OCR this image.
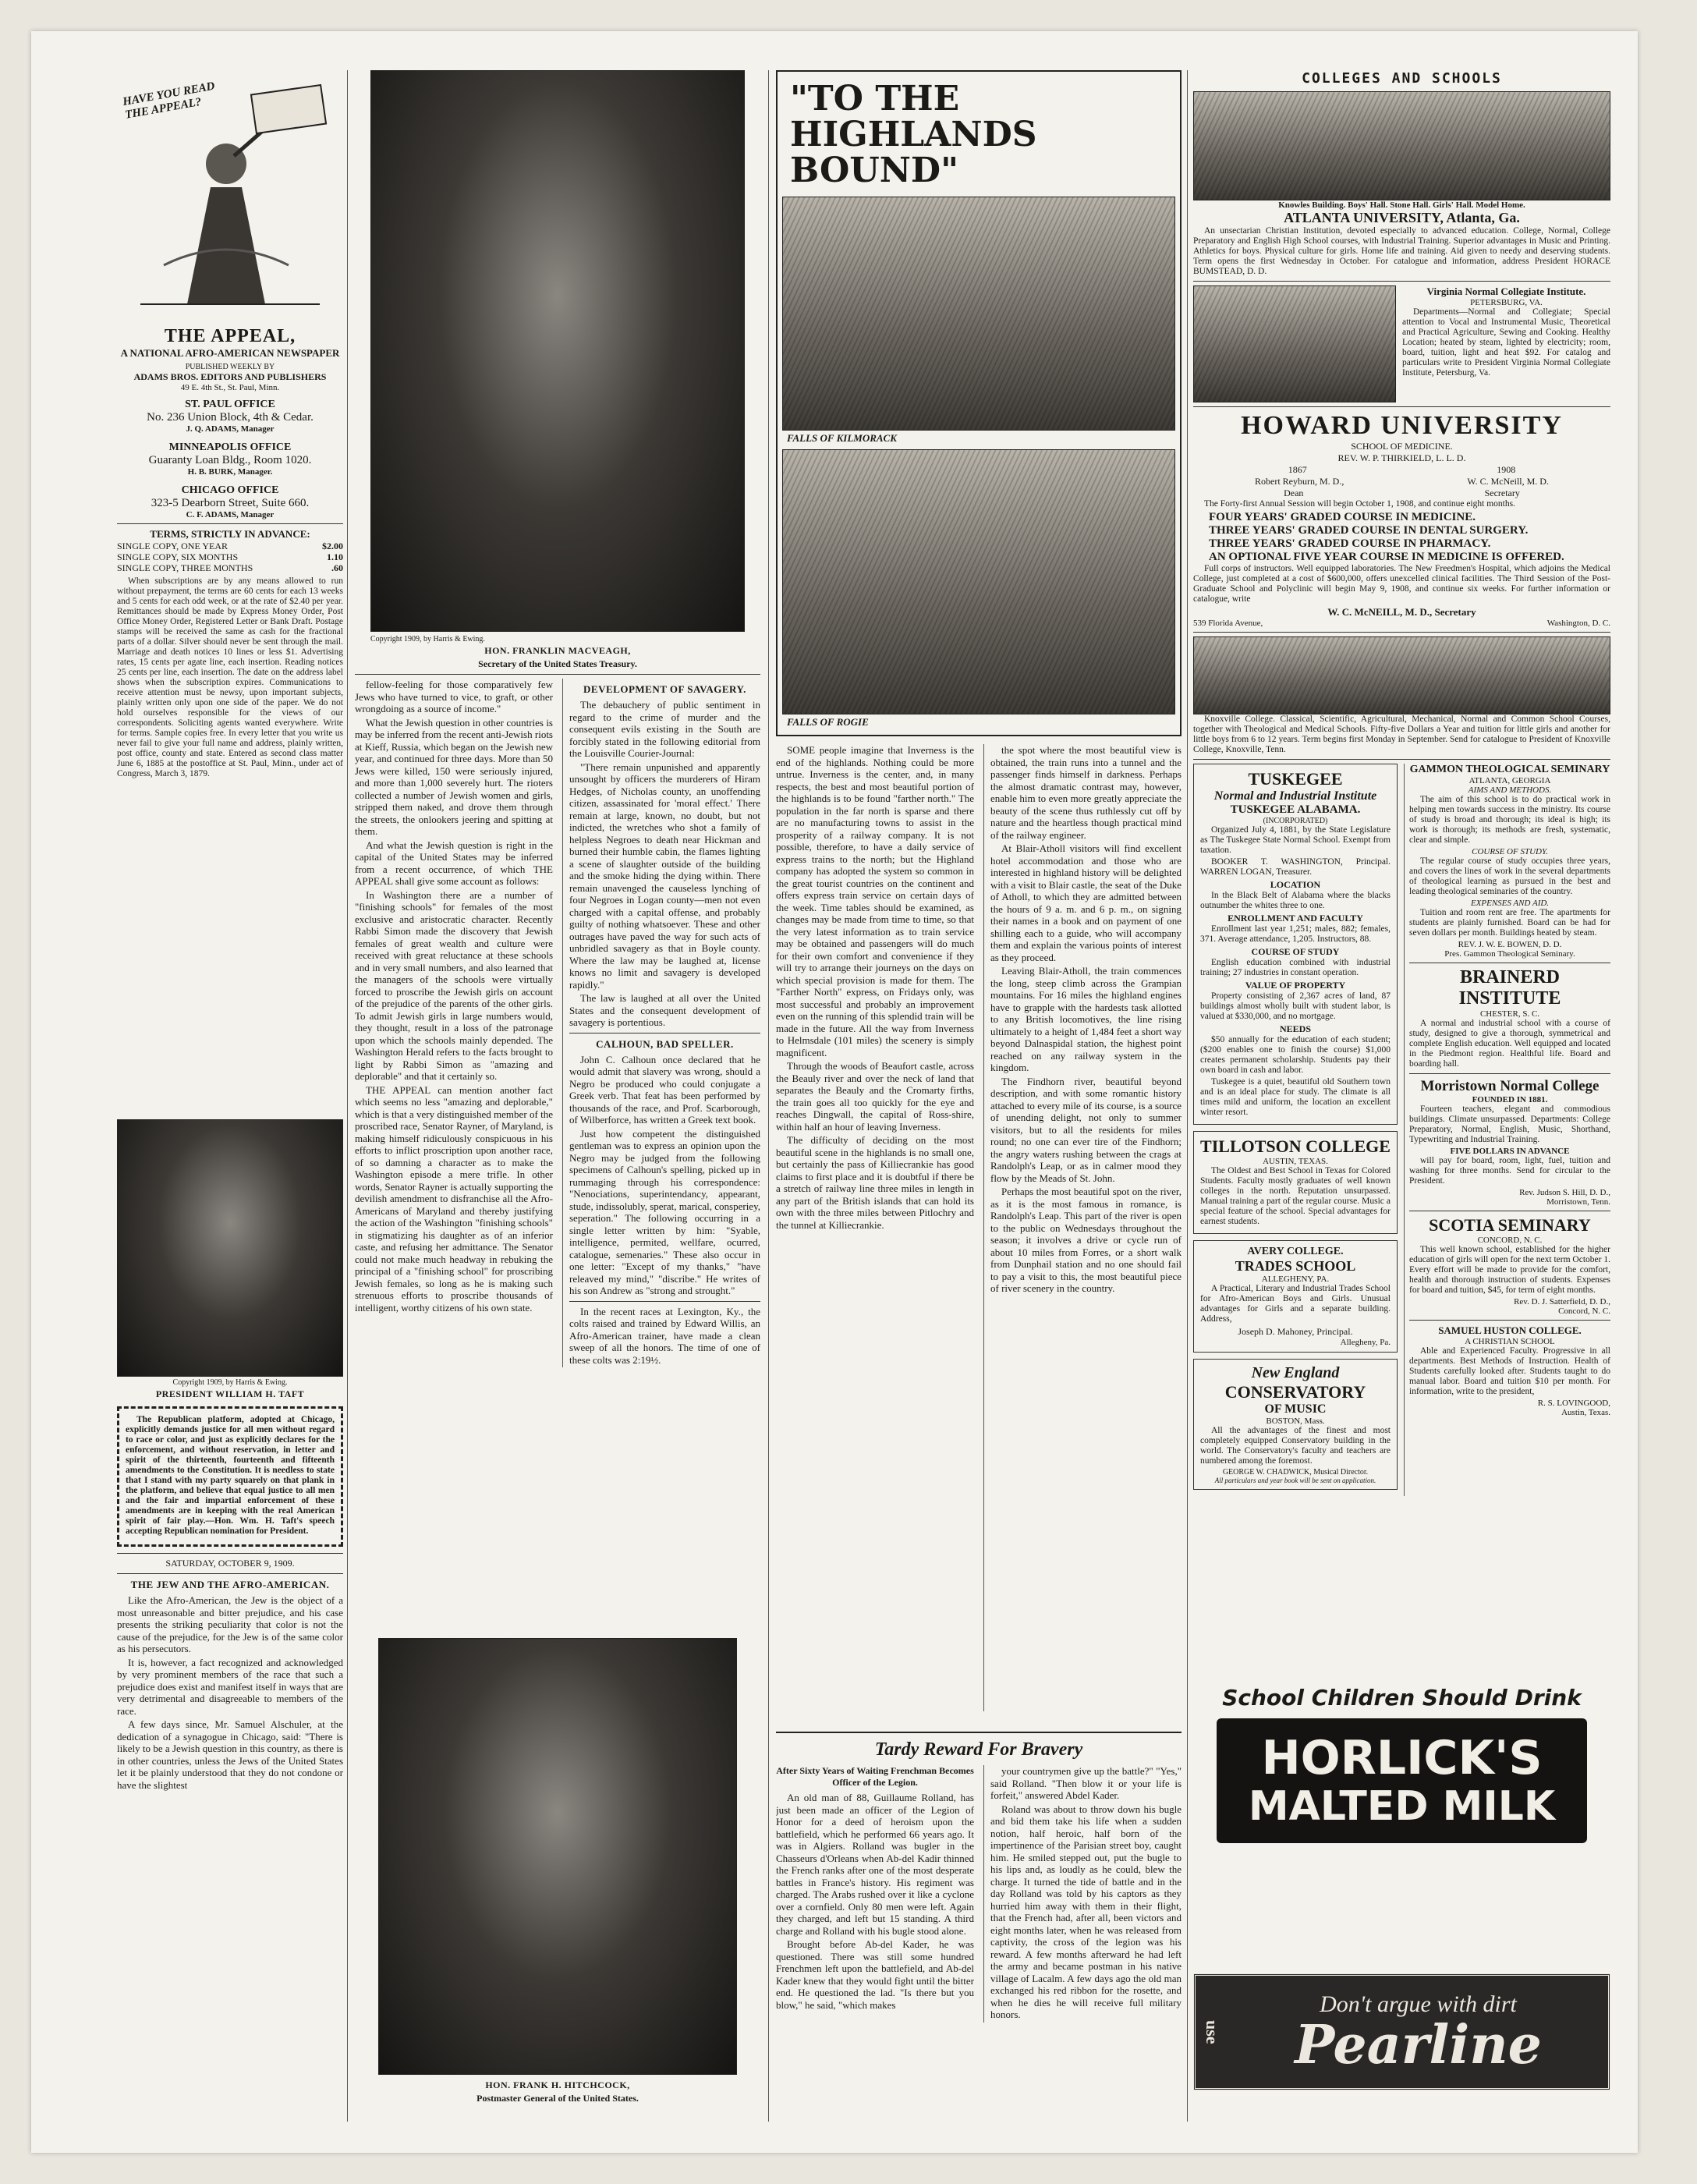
HAVE YOU READ THE APPEAL?
THE APPEAL,
A NATIONAL AFRO-AMERICAN NEWSPAPER
PUBLISHED WEEKLY BY
ADAMS BROS. EDITORS AND PUBLISHERS
49 E. 4th St., St. Paul, Minn.
ST. PAUL OFFICE
No. 236 Union Block, 4th & Cedar.
J. Q. ADAMS, Manager
MINNEAPOLIS OFFICE
Guaranty Loan Bldg., Room 1020.
H. B. BURK, Manager.
CHICAGO OFFICE
323-5 Dearborn Street, Suite 660.
C. F. ADAMS, Manager
TERMS, STRICTLY IN ADVANCE:
SINGLE COPY, ONE YEAR	$2.00
SINGLE COPY, SIX MONTHS	1.10
SINGLE COPY, THREE MONTHS	.60

When subscriptions are by any means allowed to run without prepayment, the terms are 60 cents for each 13 weeks and 5 cents for each odd week, or at the rate of $2.40 per year. Remittances should be made by Express Money Order, Post Office Money Order, Registered Letter or Bank Draft. Postage stamps will be received the same as cash for the fractional parts of a dollar. Silver should never be sent through the mail. Marriage and death notices 10 lines or less $1. Advertising rates, 15 cents per agate line, each insertion. Reading notices 25 cents per line, each insertion. The date on the address label shows when the subscription expires. Communications to receive attention must be newsy, upon important subjects, plainly written only upon one side of the paper. We do not hold ourselves responsible for the views of our correspondents. Soliciting agents wanted everywhere. Write for terms. Sample copies free. In every letter that you write us never fail to give your full name and address, plainly written, post office, county and state. Entered as second class matter June 6, 1885 at the postoffice at St. Paul, Minn., under act of Congress, March 3, 1879.

Copyright 1909, by Harris & Ewing.
PRESIDENT WILLIAM H. TAFT

The Republican platform, adopted at Chicago, explicitly demands justice for all men without regard to race or color, and just as explicitly declares for the enforcement, and without reservation, in letter and spirit of the thirteenth, fourteenth and fifteenth amendments to the Constitution. It is needless to state that I stand with my party squarely on that plank in the platform, and believe that equal justice to all men and the fair and impartial enforcement of these amendments are in keeping with the real American spirit of fair play.—Hon. Wm. H. Taft's speech accepting Republican nomination for President.

SATURDAY, OCTOBER 9, 1909.
THE JEW AND THE AFRO-AMERICAN.

Like the Afro-American, the Jew is the object of a most unreasonable and bitter prejudice, and his case presents the striking peculiarity that color is not the cause of the prejudice, for the Jew is of the same color as his persecutors.

It is, however, a fact recognized and acknowledged by very prominent members of the race that such a prejudice does exist and manifest itself in ways that are very detrimental and disagreeable to members of the race.

A few days since, Mr. Samuel Alschuler, at the dedication of a synagogue in Chicago, said: "There is likely to be a Jewish question in this country, as there is in other countries, unless the Jews of the United States let it be plainly understood that they do not condone or have the slightest

Copyright 1909, by Harris & Ewing.
HON. FRANKLIN MACVEAGH,
Secretary of the United States Treasury.

fellow-feeling for those comparatively few Jews who have turned to vice, to graft, or other wrongdoing as a source of income."

What the Jewish question in other countries is may be inferred from the recent anti-Jewish riots at Kieff, Russia, which began on the Jewish new year, and continued for three days. More than 50 Jews were killed, 150 were seriously injured, and more than 1,000 severely hurt. The rioters collected a number of Jewish women and girls, stripped them naked, and drove them through the streets, the onlookers jeering and spitting at them.

And what the Jewish question is right in the capital of the United States may be inferred from a recent occurrence, of which THE APPEAL shall give some account as follows:

In Washington there are a number of "finishing schools" for females of the most exclusive and aristocratic character. Recently Rabbi Simon made the discovery that Jewish females of great wealth and culture were received with great reluctance at these schools and in very small numbers, and also learned that the managers of the schools were virtually forced to proscribe the Jewish girls on account of the prejudice of the parents of the other girls. To admit Jewish girls in large numbers would, they thought, result in a loss of the patronage upon which the schools mainly depended. The Washington Herald refers to the facts brought to light by Rabbi Simon as "amazing and deplorable" and that it certainly so.

THE APPEAL can mention another fact which seems no less "amazing and deplorable," which is that a very distinguished member of the proscribed race, Senator Rayner, of Maryland, is making himself ridiculously conspicuous in his efforts to inflict proscription upon another race, of so damning a character as to make the Washington episode a mere trifle. In other words, Senator Rayner is actually supporting the devilish amendment to disfranchise all the Afro-Americans of Maryland and thereby justifying the action of the Washington "finishing schools" in stigmatizing his daughter as of an inferior caste, and refusing her admittance. The Senator could not make much headway in rebuking the principal of a "finishing school" for proscribing Jewish females, so long as he is making such strenuous efforts to proscribe thousands of intelligent, worthy citizens of his own state.

DEVELOPMENT OF SAVAGERY.

The debauchery of public sentiment in regard to the crime of murder and the consequent evils existing in the South are forcibly stated in the following editorial from the Louisville Courier-Journal:

"There remain unpunished and apparently unsought by officers the murderers of Hiram Hedges, of Nicholas county, an unoffending citizen, assassinated for 'moral effect.' There remain at large, known, no doubt, but not indicted, the wretches who shot a family of helpless Negroes to death near Hickman and burned their humble cabin, the flames lighting a scene of slaughter outside of the building and the smoke hiding the dying within. There remain unavenged the causeless lynching of four Negroes in Logan county—men not even charged with a capital offense, and probably guilty of nothing whatsoever. These and other outrages have paved the way for such acts of unbridled savagery as that in Boyle county. Where the law may be laughed at, license knows no limit and savagery is developed rapidly."

The law is laughed at all over the United States and the consequent development of savagery is portentious.

CALHOUN, BAD SPELLER.

John C. Calhoun once declared that he would admit that slavery was wrong, should a Negro be produced who could conjugate a Greek verb. That feat has been performed by thousands of the race, and Prof. Scarborough, of Wilberforce, has written a Greek text book.

Just how competent the distinguished gentleman was to express an opinion upon the Negro may be judged from the following specimens of Calhoun's spelling, picked up in rummaging through his correspondence: "Nenociations, superintendancy, appearant, stude, indissolubly, sperat, marical, consperiey, seperation." The following occurring in a single letter written by him: "Syable, intelligence, permited, wellfare, ocurred, catalogue, semenaries." These also occur in one letter: "Except of my thanks," "have releaved my mind," "discribe." He writes of his son Andrew as "strong and strought."

In the recent races at Lexington, Ky., the colts raised and trained by Edward Willis, an Afro-American trainer, have made a clean sweep of all the honors. The time of one of these colts was 2:19½.

HON. FRANK H. HITCHCOCK,
Postmaster General of the United States.
"TO THE HIGHLANDS BOUND"
FALLS OF KILMORACK
FALLS OF ROGIE

SOME people imagine that Inverness is the end of the highlands. Nothing could be more untrue. Inverness is the center, and, in many respects, the best and most beautiful portion of the highlands is to be found "farther north." The population in the far north is sparse and there are no manufacturing towns to assist in the prosperity of a railway company. It is not possible, therefore, to have a daily service of express trains to the north; but the Highland company has adopted the system so common in the great tourist countries on the continent and offers express train service on certain days of the week. Time tables should be examined, as changes may be made from time to time, so that the very latest information as to train service may be obtained and passengers will do much for their own comfort and convenience if they will try to arrange their journeys on the days on which special provision is made for them. The "Farther North" express, on Fridays only, was most successful and probably an improvement even on the running of this splendid train will be made in the future. All the way from Inverness to Helmsdale (101 miles) the scenery is simply magnificent.

Through the woods of Beaufort castle, across the Beauly river and over the neck of land that separates the Beauly and the Cromarty firths, the train goes all too quickly for the eye and reaches Dingwall, the capital of Ross-shire, within half an hour of leaving Inverness.

The difficulty of deciding on the most beautiful scene in the highlands is no small one, but certainly the pass of Killiecrankie has good claims to first place and it is doubtful if there be a stretch of railway line three miles in length in any part of the British islands that can hold its own with the three miles between Pitlochry and the tunnel at Killiecrankie.

the spot where the most beautiful view is obtained, the train runs into a tunnel and the passenger finds himself in darkness. Perhaps the almost dramatic contrast may, however, enable him to even more greatly appreciate the beauty of the scene thus ruthlessly cut off by nature and the heartless though practical mind of the railway engineer.

At Blair-Atholl visitors will find excellent hotel accommodation and those who are interested in highland history will be delighted with a visit to Blair castle, the seat of the Duke of Atholl, to which they are admitted between the hours of 9 a. m. and 6 p. m., on signing their names in a book and on payment of one shilling each to a guide, who will accompany them and explain the various points of interest as they proceed.

Leaving Blair-Atholl, the train commences the long, steep climb across the Grampian mountains. For 16 miles the highland engines have to grapple with the hardests task allotted to any British locomotives, the line rising ultimately to a height of 1,484 feet a short way beyond Dalnaspidal station, the highest point reached on any railway system in the kingdom.

The Findhorn river, beautiful beyond description, and with some romantic history attached to every mile of its course, is a source of unending delight, not only to summer visitors, but to all the residents for miles round; no one can ever tire of the Findhorn; the angry waters rushing between the crags at Randolph's Leap, or as in calmer mood they flow by the Meads of St. John.

Perhaps the most beautiful spot on the river, as it is the most famous in romance, is Randolph's Leap. This part of the river is open to the public on Wednesdays throughout the season; it involves a drive or cycle run of about 10 miles from Forres, or a short walk from Dunphail station and no one should fail to pay a visit to this, the most beautiful piece of river scenery in the country.

Tardy Reward For Bravery
After Sixty Years of Waiting Frenchman Becomes Officer of the Legion.

An old man of 88, Guillaume Rolland, has just been made an officer of the Legion of Honor for a deed of heroism upon the battlefield, which he performed 66 years ago. It was in Algiers. Rolland was bugler in the Chasseurs d'Orleans when Ab-del Kadir thinned the French ranks after one of the most desperate battles in France's history. His regiment was charged. The Arabs rushed over it like a cyclone over a cornfield. Only 80 men were left. Again they charged, and left but 15 standing. A third charge and Rolland with his bugle stood alone.

Brought before Ab-del Kader, he was questioned. There was still some hundred Frenchmen left upon the battlefield, and Ab-del Kader knew that they would fight until the bitter end. He questioned the lad. "Is there but you blow," he said, "which makes

your countrymen give up the battle?" "Yes," said Rolland. "Then blow it or your life is forfeit," answered Abdel Kader.

Roland was about to throw down his bugle and bid them take his life when a sudden notion, half heroic, half born of the impertinence of the Parisian street boy, caught him. He smiled stepped out, put the bugle to his lips and, as loudly as he could, blew the charge. It turned the tide of battle and in the day Rolland was told by his captors as they hurried him away with them in their flight, that the French had, after all, been victors and eight months later, when he was released from captivity, the cross of the legion was his reward. A few months afterward he had left the army and became postman in his native village of Lacalm. A few days ago the old man exchanged his red ribbon for the rosette, and when he dies he will receive full military honors.

COLLEGES AND SCHOOLS
Knowles Building. Boys' Hall. Stone Hall. Girls' Hall. Model Home.
ATLANTA UNIVERSITY, Atlanta, Ga.

An unsectarian Christian Institution, devoted especially to advanced education. College, Normal, College Preparatory and English High School courses, with Industrial Training. Superior advantages in Music and Printing. Athletics for boys. Physical culture for girls. Home life and training. Aid given to needy and deserving students. Term opens the first Wednesday in October. For catalogue and information, address President HORACE BUMSTEAD, D. D.

Virginia Normal Collegiate Institute.
PETERSBURG, VA.

Departments—Normal and Collegiate; Special attention to Vocal and Instrumental Music, Theoretical and Practical Agriculture, Sewing and Cooking. Healthy Location; heated by steam, lighted by electricity; room, board, tuition, light and heat $92. For catalog and particulars write to President Virginia Normal Collegiate Institute, Petersburg, Va.

HOWARD UNIVERSITY
SCHOOL OF MEDICINE.
REV. W. P. THIRKIELD, L. L. D.
1867	1908
Robert Reyburn, M. D.,	W. C. McNeill, M. D.
Dean	Secretary

The Forty-first Annual Session will begin October 1, 1908, and continue eight months.

FOUR YEARS' GRADED COURSE IN MEDICINE.
THREE YEARS' GRADED COURSE IN DENTAL SURGERY.
THREE YEARS' GRADED COURSE IN PHARMACY.
AN OPTIONAL FIVE YEAR COURSE IN MEDICINE IS OFFERED.

Full corps of instructors. Well equipped laboratories. The New Freedmen's Hospital, which adjoins the Medical College, just completed at a cost of $600,000, offers unexcelled clinical facilities. The Third Session of the Post-Graduate School and Polyclinic will begin May 9, 1908, and continue six weeks. For further information or catalogue, write

W. C. McNEILL, M. D., Secretary
539 Florida Avenue,	Washington, D. C.

Knoxville College. Classical, Scientific, Agricultural, Mechanical, Normal and Common School Courses, together with Theological and Medical Schools. Fifty-five Dollars a Year and tuition for little girls and another for little boys from 6 to 12 years. Term begins first Monday in September. Send for catalogue to President of Knoxville College, Knoxville, Tenn.

TUSKEGEE
Normal and Industrial Institute
TUSKEGEE ALABAMA.
(INCORPORATED)

Organized July 4, 1881, by the State Legislature as The Tuskegee State Normal School. Exempt from taxation.

BOOKER T. WASHINGTON, Principal. WARREN LOGAN, Treasurer.

LOCATION

In the Black Belt of Alabama where the blacks outnumber the whites three to one.

ENROLLMENT AND FACULTY

Enrollment last year 1,251; males, 882; females, 371. Average attendance, 1,205. Instructors, 88.

COURSE OF STUDY

English education combined with industrial training; 27 industries in constant operation.

VALUE OF PROPERTY

Property consisting of 2,367 acres of land, 87 buildings almost wholly built with student labor, is valued at $330,000, and no mortgage.

NEEDS

$50 annually for the education of each student; ($200 enables one to finish the course) $1,000 creates permanent scholarship. Students pay their own board in cash and labor.

Tuskegee is a quiet, beautiful old Southern town and is an ideal place for study. The climate is all times mild and uniform, the location an excellent winter resort.

TILLOTSON COLLEGE
AUSTIN, TEXAS.

The Oldest and Best School in Texas for Colored Students. Faculty mostly graduates of well known colleges in the north. Reputation unsurpassed. Manual training a part of the regular course. Music a special feature of the school. Special advantages for earnest students.

AVERY COLLEGE.
TRADES SCHOOL
ALLEGHENY, PA.

A Practical, Literary and Industrial Trades School for Afro-American Boys and Girls. Unusual advantages for Girls and a separate building. Address,

Joseph D. Mahoney, Principal.
Allegheny, Pa.
New England
CONSERVATORY
OF MUSIC
BOSTON, Mass.

All the advantages of the finest and most completely equipped Conservatory building in the world. The Conservatory's faculty and teachers are numbered among the foremost.

GEORGE W. CHADWICK, Musical Director.
All particulars and year book will be sent on application.
GAMMON THEOLOGICAL SEMINARY
ATLANTA, GEORGIA
AIMS AND METHODS.

The aim of this school is to do practical work in helping men towards success in the ministry. Its course of study is broad and thorough; its ideal is high; its work is thorough; its methods are fresh, systematic, clear and simple.

COURSE OF STUDY.

The regular course of study occupies three years, and covers the lines of work in the several departments of theological learning as pursued in the best and leading theological seminaries of the country.

EXPENSES AND AID.

Tuition and room rent are free. The apartments for students are plainly furnished. Board can be had for seven dollars per month. Buildings heated by steam.

REV. J. W. E. BOWEN, D. D.
Pres. Gammon Theological Seminary.
BRAINERD INSTITUTE
CHESTER, S. C.

A normal and industrial school with a course of study, designed to give a thorough, symmetrical and complete English education. Well equipped and located in the Piedmont region. Healthful life. Board and boarding hall.

Morristown Normal College
FOUNDED IN 1881.

Fourteen teachers, elegant and commodious buildings. Climate unsurpassed. Departments: College Preparatory, Normal, English, Music, Shorthand, Typewriting and Industrial Training.

FIVE DOLLARS IN ADVANCE

will pay for board, room, light, fuel, tuition and washing for three months. Send for circular to the President.

Rev. Judson S. Hill, D. D.,
Morristown, Tenn.
SCOTIA SEMINARY
CONCORD, N. C.

This well known school, established for the higher education of girls will open for the next term October 1. Every effort will be made to provide for the comfort, health and thorough instruction of students. Expenses for board and tuition, $45, for term of eight months.

Rev. D. J. Satterfield, D. D.,
Concord, N. C.
SAMUEL HUSTON COLLEGE.
A CHRISTIAN SCHOOL

Able and Experienced Faculty. Progressive in all departments. Best Methods of Instruction. Health of Students carefully looked after. Students taught to do manual labor. Board and tuition $10 per month. For information, write to the president,

R. S. LOVINGOOD,
Austin, Texas.
School Children Should Drink
HORLICK'S
MALTED MILK
use
Don't argue with dirt
Pearline
